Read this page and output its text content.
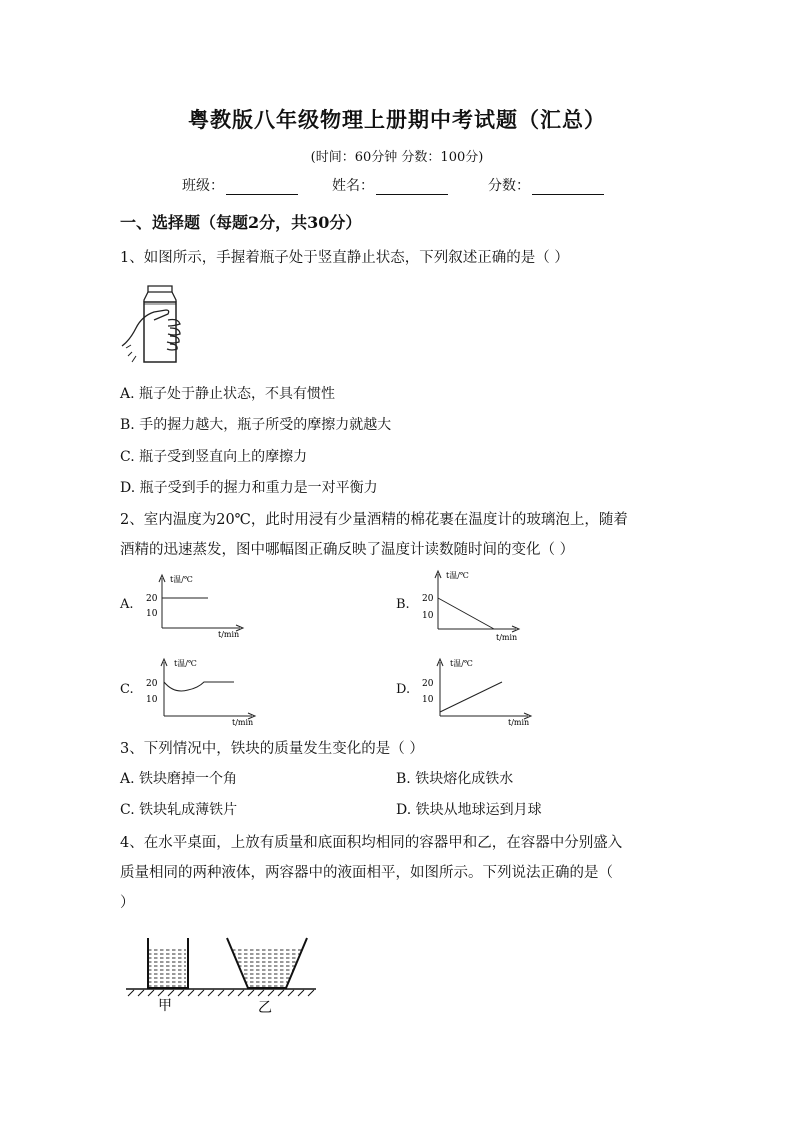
粤教版八年级物理上册期中考试题（汇总）
(时间：60分钟 分数：100分)
班级：	姓名：	分数：
一、选择题（每题2分，共30分）
1、如图所示，手握着瓶子处于竖直静止状态，下列叙述正确的是（ ）
A. 瓶子处于静止状态，不具有惯性
B. 手的握力越大，瓶子所受的摩擦力就越大
C. 瓶子受到竖直向上的摩擦力
D. 瓶子受到手的握力和重力是一对平衡力
2、室内温度为20℃，此时用浸有少量酒精的棉花裹在温度计的玻璃泡上，随着
酒精的迅速蒸发，图中哪幅图正确反映了温度计读数随时间的变化（ ）
A.	B.
C.	D.
t温/℃
t/min
20
10
t温/℃
t/min
20
10
t温/℃
t/min
20
10
t温/℃
t/min
20
10
3、下列情况中，铁块的质量发生变化的是（ ）
A. 铁块磨掉一个角	B. 铁块熔化成铁水
C. 铁块轧成薄铁片	D. 铁块从地球运到月球
4、在水平桌面，上放有质量和底面积均相同的容器甲和乙，在容器中分别盛入
质量相同的两种液体，两容器中的液面相平，如图所示。下列说法正确的是（
）
甲	乙
